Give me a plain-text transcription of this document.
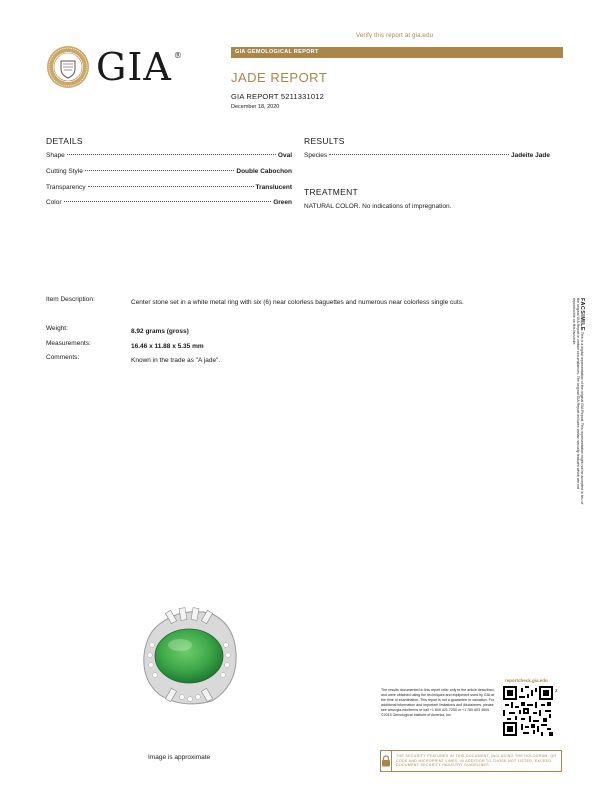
Verify this report at gia.edu
GIA ®	GIA GEMOLOGICAL REPORT
JADE REPORT
GIA REPORT 5211331012
December 18, 2020
DETAILS
Shape	Oval
Cutting Style	Double Cabochon
Transparency	Translucent
Color	Green
RESULTS
Species	Jadeite Jade
TREATMENT
NATURAL COLOR. No indications of impregnation.
Item Description:	Center stone set in a white metal ring with six (6) near colorless baguettes and numerous near colorless single cuts.
Weight:	8.92 grams (gross)
Measurements:	16.46 x 11.88 x 5.35 mm
Comments:	Known in the trade as "A jade".
FACSIMILE This is a digital representation of the original GIA Report. This representation might not be accepted in lieu of the original GIA Report in certain circumstances. The original GIA Report includes certain security features which are not reproducible on this facsimile.
Image is approximate
reportcheck.gia.edu
The results documented in this report refer only to the article described, and were obtained using the techniques and equipment used by GIA at the time of examination. This report is not a guarantee or valuation. For additional information and important limitations and disclaimers, please see www.gia.edu/terms or call +1 800 421 7250 or +1 760 603 4500. ©2015 Gemological Institute of America, Inc.
2
THE SECURITY FEATURES IN THIS DOCUMENT, INCLUDING THE HOLOGRAM, QR CODE AND MICROPRINT LINES, IN ADDITION TO THOSE NOT LISTED, EXCEED DOCUMENT SECURITY INDUSTRY GUIDELINES.
